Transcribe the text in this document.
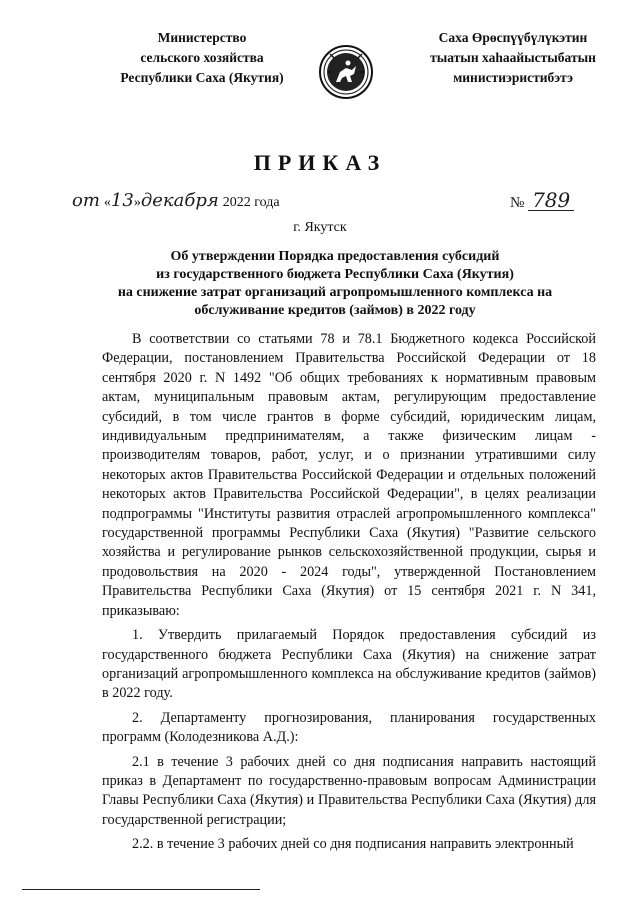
Министерство
сельского хозяйства
Республики Саха (Якутия)
Саха Өрөспүүбүлүкэтин
тыатын хаһаайыстыбатын
министиэристибэтэ
ПРИКАЗ
от «13»декабря 2022 года	№ 789
г. Якутск
Об утверждении Порядка предоставления субсидий
из государственного бюджета Республики Саха (Якутия)
на снижение затрат организаций агропромышленного комплекса на
обслуживание кредитов (займов) в 2022 году

В соответствии со статьями 78 и 78.1 Бюджетного кодекса Российской Федерации, постановлением Правительства Российской Федерации от 18 сентября 2020 г. N 1492 "Об общих требованиях к нормативным правовым актам, муниципальным правовым актам, регулирующим предоставление субсидий, в том числе грантов в форме субсидий, юридическим лицам, индивидуальным предпринимателям, а также физическим лицам - производителям товаров, работ, услуг, и о признании утратившими силу некоторых актов Правительства Российской Федерации и отдельных положений некоторых актов Правительства Российской Федерации", в целях реализации подпрограммы "Институты развития отраслей агропромышленного комплекса" государственной программы Республики Саха (Якутия) "Развитие сельского хозяйства и регулирование рынков сельскохозяйственной продукции, сырья и продовольствия на 2020 - 2024 годы", утвержденной Постановлением Правительства Республики Саха (Якутия) от 15 сентября 2021 г. N 341, приказываю:

1. Утвердить прилагаемый Порядок предоставления субсидий из государственного бюджета Республики Саха (Якутия) на снижение затрат организаций агропромышленного комплекса на обслуживание кредитов (займов) в 2022 году.

2. Департаменту прогнозирования, планирования государственных программ (Колодезникова А.Д.):

2.1 в течение 3 рабочих дней со дня подписания направить настоящий приказ в Департамент по государственно-правовым вопросам Администрации Главы Республики Саха (Якутия) и Правительства Республики Саха (Якутия) для государственной регистрации;

2.2. в течение 3 рабочих дней со дня подписания направить электронный
